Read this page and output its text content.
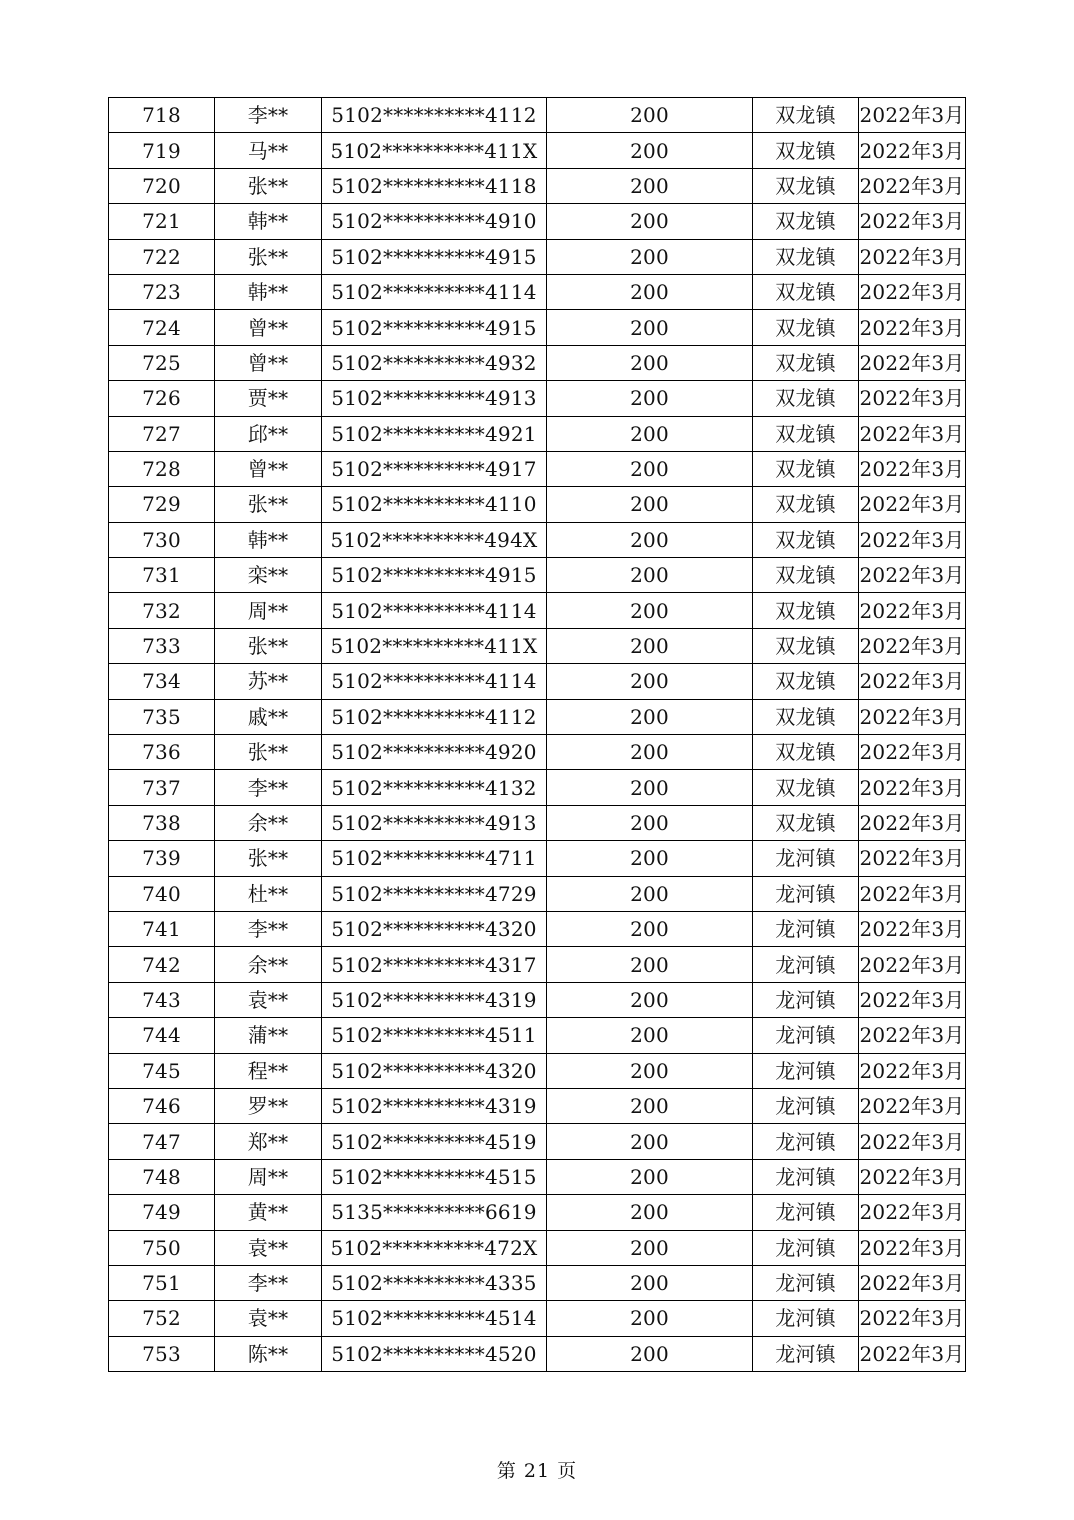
718	李**	5102**********4112	200	双龙镇	2022年3月
719	马**	5102**********411X	200	双龙镇	2022年3月
720	张**	5102**********4118	200	双龙镇	2022年3月
721	韩**	5102**********4910	200	双龙镇	2022年3月
722	张**	5102**********4915	200	双龙镇	2022年3月
723	韩**	5102**********4114	200	双龙镇	2022年3月
724	曾**	5102**********4915	200	双龙镇	2022年3月
725	曾**	5102**********4932	200	双龙镇	2022年3月
726	贾**	5102**********4913	200	双龙镇	2022年3月
727	邱**	5102**********4921	200	双龙镇	2022年3月
728	曾**	5102**********4917	200	双龙镇	2022年3月
729	张**	5102**********4110	200	双龙镇	2022年3月
730	韩**	5102**********494X	200	双龙镇	2022年3月
731	栾**	5102**********4915	200	双龙镇	2022年3月
732	周**	5102**********4114	200	双龙镇	2022年3月
733	张**	5102**********411X	200	双龙镇	2022年3月
734	苏**	5102**********4114	200	双龙镇	2022年3月
735	戚**	5102**********4112	200	双龙镇	2022年3月
736	张**	5102**********4920	200	双龙镇	2022年3月
737	李**	5102**********4132	200	双龙镇	2022年3月
738	余**	5102**********4913	200	双龙镇	2022年3月
739	张**	5102**********4711	200	龙河镇	2022年3月
740	杜**	5102**********4729	200	龙河镇	2022年3月
741	李**	5102**********4320	200	龙河镇	2022年3月
742	余**	5102**********4317	200	龙河镇	2022年3月
743	袁**	5102**********4319	200	龙河镇	2022年3月
744	蒲**	5102**********4511	200	龙河镇	2022年3月
745	程**	5102**********4320	200	龙河镇	2022年3月
746	罗**	5102**********4319	200	龙河镇	2022年3月
747	郑**	5102**********4519	200	龙河镇	2022年3月
748	周**	5102**********4515	200	龙河镇	2022年3月
749	黄**	5135**********6619	200	龙河镇	2022年3月
750	袁**	5102**********472X	200	龙河镇	2022年3月
751	李**	5102**********4335	200	龙河镇	2022年3月
752	袁**	5102**********4514	200	龙河镇	2022年3月
753	陈**	5102**********4520	200	龙河镇	2022年3月
第 21 页
